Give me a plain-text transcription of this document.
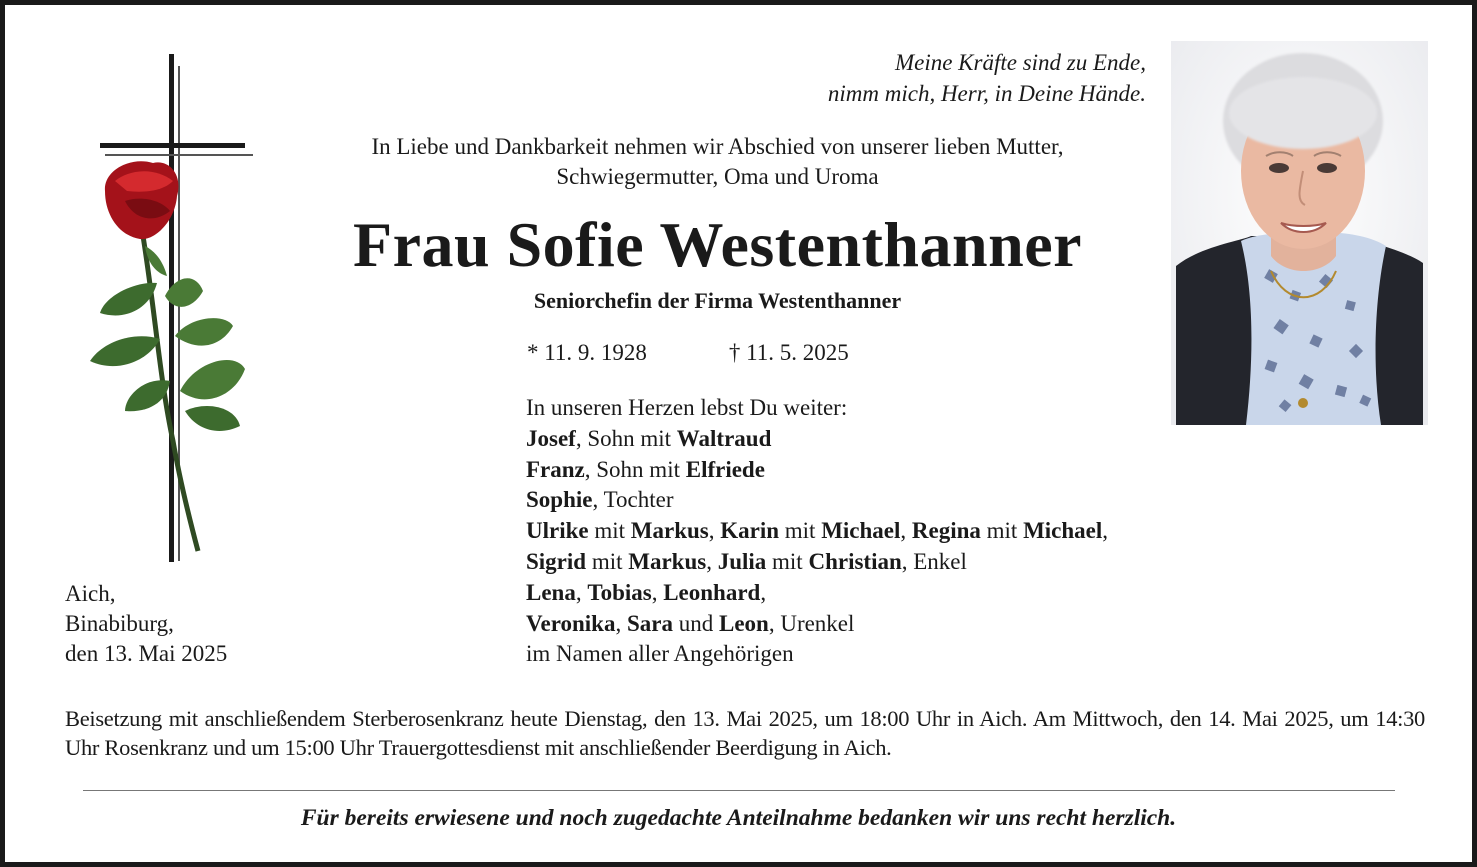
Meine Kräfte sind zu Ende,
nimm mich, Herr, in Deine Hände.
In Liebe und Dankbarkeit nehmen wir Abschied von unserer lieben Mutter,
Schwiegermutter, Oma und Uroma
Frau Sofie Westenthanner
Seniorchefin der Firma Westenthanner
* 11. 9. 1928	† 11. 5. 2025
In unseren Herzen lebst Du weiter:
Josef, Sohn mit Waltraud
Franz, Sohn mit Elfriede
Sophie, Tochter
Ulrike mit Markus, Karin mit Michael, Regina mit Michael,
Sigrid mit Markus, Julia mit Christian, Enkel
Lena, Tobias, Leonhard,
Veronika, Sara und Leon, Urenkel
im Namen aller Angehörigen
Aich,
Binabiburg,
den 13. Mai 2025
Beisetzung mit anschließendem Sterberosenkranz heute Dienstag, den 13. Mai 2025, um 18:00 Uhr in Aich. Am Mittwoch, den 14. Mai 2025, um 14:30 Uhr Rosenkranz und um 15:00 Uhr Trauergottesdienst mit anschließender Beerdigung in Aich.
Für bereits erwiesene und noch zugedachte Anteilnahme bedanken wir uns recht herzlich.
